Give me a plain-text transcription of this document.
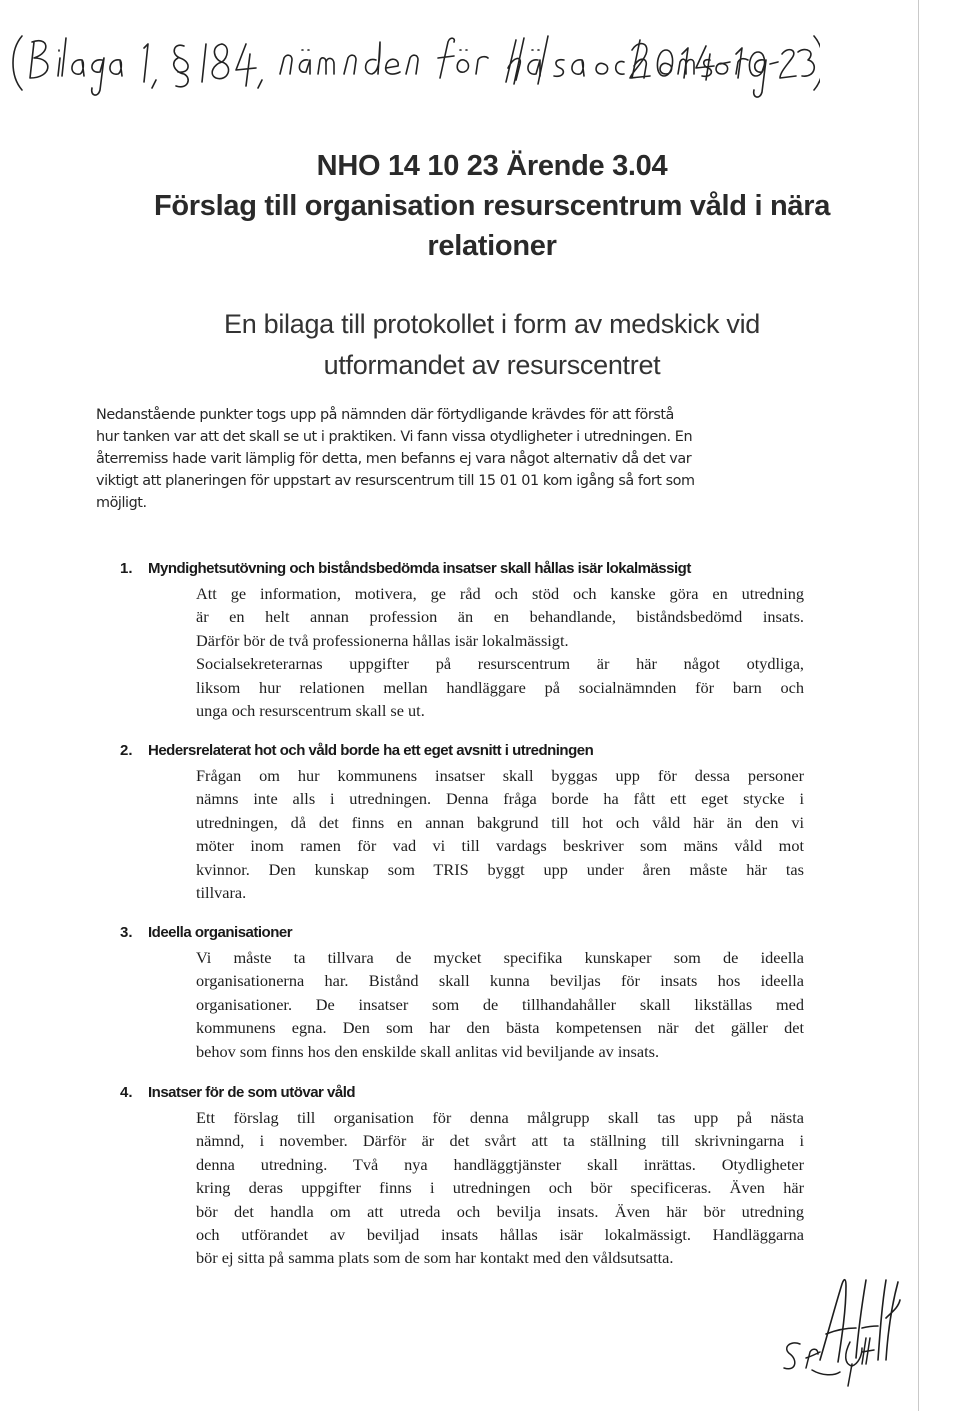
NHO 14 10 23 Ärende 3.04
Förslag till organisation resurscentrum våld i nära
relationer
En bilaga till protokollet i form av medskick vid
utformandet av resurscentret
Nedanstående punkter togs upp på nämnden där förtydligande krävdes för att förstå
hur tanken var att det skall se ut i praktiken. Vi fann vissa otydligheter i utredningen. En
återremiss hade varit lämplig för detta, men befanns ej vara något alternativ då det var
viktigt att planeringen för uppstart av resurscentrum till 15 01 01 kom igång så fort som
möjligt.
1. Myndighetsutövning och biståndsbedömda insatser skall hållas isär lokalmässigt
Att ge information, motivera, ge råd och stöd och kanske göra en utredning
är en helt annan profession än en behandlande, biståndsbedömd insats.
Därför bör de två professionerna hållas isär lokalmässigt.
Socialsekreterarnas uppgifter på resurscentrum är här något otydliga,
liksom hur relationen mellan handläggare på socialnämnden för barn och
unga och resurscentrum skall se ut.
2. Hedersrelaterat hot och våld borde ha ett eget avsnitt i utredningen
Frågan om hur kommunens insatser skall byggas upp för dessa personer
nämns inte alls i utredningen. Denna fråga borde ha fått ett eget stycke i
utredningen, då det finns en annan bakgrund till hot och våld här än den vi
möter inom ramen för vad vi till vardags beskriver som mäns våld mot
kvinnor. Den kunskap som TRIS byggt upp under åren måste här tas
tillvara.
3. Ideella organisationer
Vi måste ta tillvara de mycket specifika kunskaper som de ideella
organisationerna har. Bistånd skall kunna beviljas för insats hos ideella
organisationer. De insatser som de tillhandahåller skall likställas med
kommunens egna. Den som har den bästa kompetensen när det gäller det
behov som finns hos den enskilde skall anlitas vid beviljande av insats.
4. Insatser för de som utövar våld
Ett förslag till organisation för denna målgrupp skall tas upp på nästa
nämnd, i november. Därför är det svårt att ta ställning till skrivningarna i
denna utredning. Två nya handläggtjänster skall inrättas. Otydligheter
kring deras uppgifter finns i utredningen och bör specificeras. Även här
bör det handla om att utreda och bevilja insats. Även här bör utredning
och utförandet av beviljad insats hållas isär lokalmässigt. Handläggarna
bör ej sitta på samma plats som de som har kontakt med den våldsutsatta.
